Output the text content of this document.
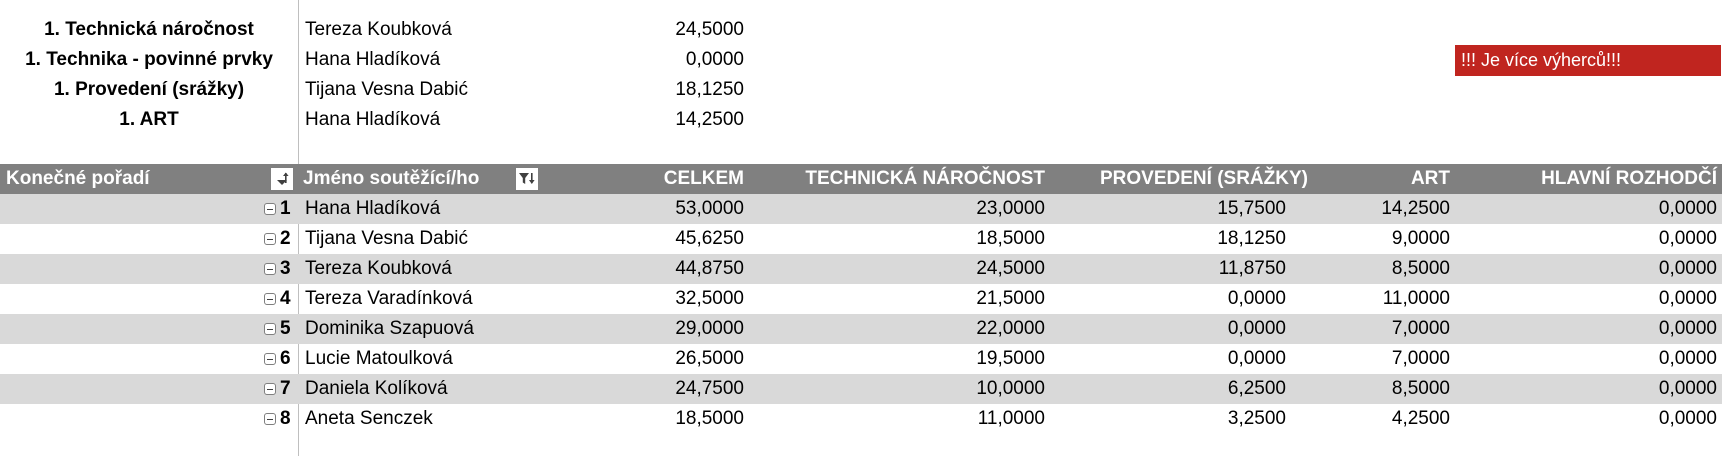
1. Technická náročnost	Tereza Koubková	24,5000
1. Technika - povinné prvky	Hana Hladíková	0,0000
1. Provedení (srážky)	Tijana Vesna Dabić	18,1250
1. ART	Hana Hladíková	14,2500
!!! Je více výherců!!!
Konečné pořadí	Jméno soutěžící/ho	CELKEM	TECHNICKÁ NÁROČNOST	PROVEDENÍ (SRÁŽKY)	ART	HLAVNÍ ROZHODČÍ
1 Hana Hladíková	53,0000	23,0000	15,7500	14,2500	0,0000
2 Tijana Vesna Dabić	45,6250	18,5000	18,1250	9,0000	0,0000
3 Tereza Koubková	44,8750	24,5000	11,8750	8,5000	0,0000
4 Tereza Varadínková	32,5000	21,5000	0,0000	11,0000	0,0000
5 Dominika Szapuová	29,0000	22,0000	0,0000	7,0000	0,0000
6 Lucie Matoulková	26,5000	19,5000	0,0000	7,0000	0,0000
7 Daniela Kolíková	24,7500	10,0000	6,2500	8,5000	0,0000
8 Aneta Senczek	18,5000	11,0000	3,2500	4,2500	0,0000
